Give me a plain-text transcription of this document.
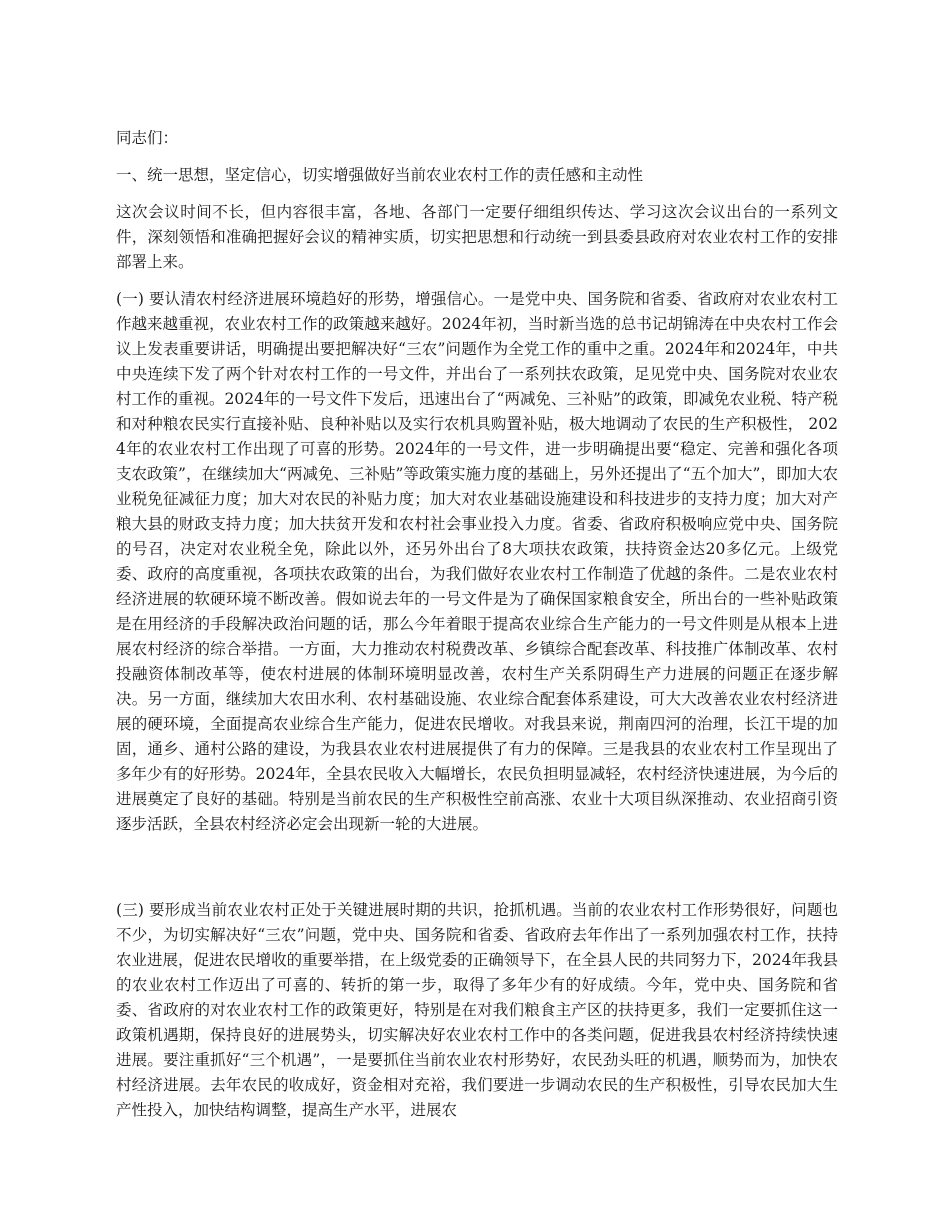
同志们：

一、统一思想，坚定信心，切实增强做好当前农业农村工作的责任感和主动性

这次会议时间不长，但内容很丰富，各地、各部门一定要仔细组织传达、学习这次会议出台的一系列文件，深刻领悟和准确把握好会议的精神实质，切实把思想和行动统一到县委县政府对农业农村工作的安排部署上来。

(一) 要认清农村经济进展环境趋好的形势，增强信心。一是党中央、国务院和省委、省政府对农业农村工作越来越重视，农业农村工作的政策越来越好。2024年初，当时新当选的总书记胡锦涛在中央农村工作会议上发表重要讲话，明确提出要把解决好“三农”问题作为全党工作的重中之重。2024年和2024年，中共中央连续下发了两个针对农村工作的一号文件，并出台了一系列扶农政策，足见党中央、国务院对农业农村工作的重视。2024年的一号文件下发后，迅速出台了“两减免、三补贴”的政策，即减免农业税、特产税和对种粮农民实行直接补贴、良种补贴以及实行农机具购置补贴，极大地调动了农民的生产积极性， 2024年的农业农村工作出现了可喜的形势。2024年的一号文件，进一步明确提出要“稳定、完善和强化各项支农政策”，在继续加大“两减免、三补贴”等政策实施力度的基础上，另外还提出了“五个加大”，即加大农业税免征减征力度；加大对农民的补贴力度；加大对农业基础设施建设和科技进步的支持力度；加大对产粮大县的财政支持力度；加大扶贫开发和农村社会事业投入力度。省委、省政府积极响应党中央、国务院的号召，决定对农业税全免，除此以外，还另外出台了8大项扶农政策，扶持资金达20多亿元。上级党委、政府的高度重视，各项扶农政策的出台，为我们做好农业农村工作制造了优越的条件。二是农业农村经济进展的软硬环境不断改善。假如说去年的一号文件是为了确保国家粮食安全，所出台的一些补贴政策是在用经济的手段解决政治问题的话，那么今年着眼于提高农业综合生产能力的一号文件则是从根本上进展农村经济的综合举措。一方面，大力推动农村税费改革、乡镇综合配套改革、科技推广体制改革、农村投融资体制改革等，使农村进展的体制环境明显改善，农村生产关系阴碍生产力进展的问题正在逐步解决。另一方面，继续加大农田水利、农村基础设施、农业综合配套体系建设，可大大改善农业农村经济进展的硬环境，全面提高农业综合生产能力，促进农民增收。对我县来说，荆南四河的治理，长江干堤的加固，通乡、通村公路的建设，为我县农业农村进展提供了有力的保障。三是我县的农业农村工作呈现出了多年少有的好形势。2024年，全县农民收入大幅增长，农民负担明显减轻，农村经济快速进展，为今后的进展奠定了良好的基础。特别是当前农民的生产积极性空前高涨、农业十大项目纵深推动、农业招商引资逐步活跃，全县农村经济必定会出现新一轮的大进展。

(三) 要形成当前农业农村正处于关键进展时期的共识，抢抓机遇。当前的农业农村工作形势很好，问题也不少，为切实解决好“三农”问题，党中央、国务院和省委、省政府去年作出了一系列加强农村工作，扶持农业进展，促进农民增收的重要举措，在上级党委的正确领导下，在全县人民的共同努力下，2024年我县的农业农村工作迈出了可喜的、转折的第一步，取得了多年少有的好成绩。今年，党中央、国务院和省委、省政府的对农业农村工作的政策更好，特别是在对我们粮食主产区的扶持更多，我们一定要抓住这一政策机遇期，保持良好的进展势头，切实解决好农业农村工作中的各类问题，促进我县农村经济持续快速进展。要注重抓好“三个机遇”，一是要抓住当前农业农村形势好，农民劲头旺的机遇，顺势而为，加快农村经济进展。去年农民的收成好，资金相对充裕，我们要进一步调动农民的生产积极性，引导农民加大生产性投入，加快结构调整，提高生产水平，进展农
